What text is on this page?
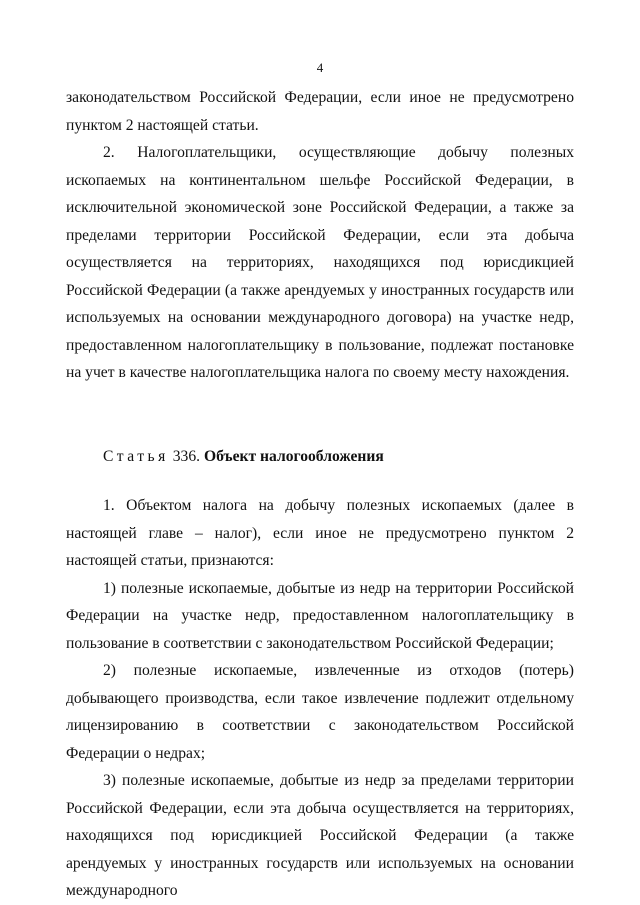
4

законодательством Российской Федерации, если иное не предусмотрено пунктом 2 настоящей статьи.

2. Налогоплательщики, осуществляющие добычу полезных ископаемых на континентальном шельфе Российской Федерации, в исключительной экономической зоне Российской Федерации, а также за пределами территории Российской Федерации, если эта добыча осуществляется на территориях, находящихся под юрисдикцией Российской Федерации (а также арендуемых у иностранных государств или используемых на основании международного договора) на участке недр, предоставленном налогоплательщику в пользование, подлежат постановке на учет в качестве налогоплательщика налога по своему месту нахождения.

Статья 336. Объект налогообложения

1. Объектом налога на добычу полезных ископаемых (далее в настоящей главе – налог), если иное не предусмотрено пунктом 2 настоящей статьи, признаются:

1) полезные ископаемые, добытые из недр на территории Российской Федерации на участке недр, предоставленном налогоплательщику в пользование в соответствии с законодательством Российской Федерации;

2) полезные ископаемые, извлеченные из отходов (потерь) добывающего производства, если такое извлечение подлежит отдельному лицензированию в соответствии с законодательством Российской Федерации о недрах;

3) полезные ископаемые, добытые из недр за пределами территории Российской Федерации, если эта добыча осуществляется на территориях, находящихся под юрисдикцией Российской Федерации (а также арендуемых у иностранных государств или используемых на основании международного
